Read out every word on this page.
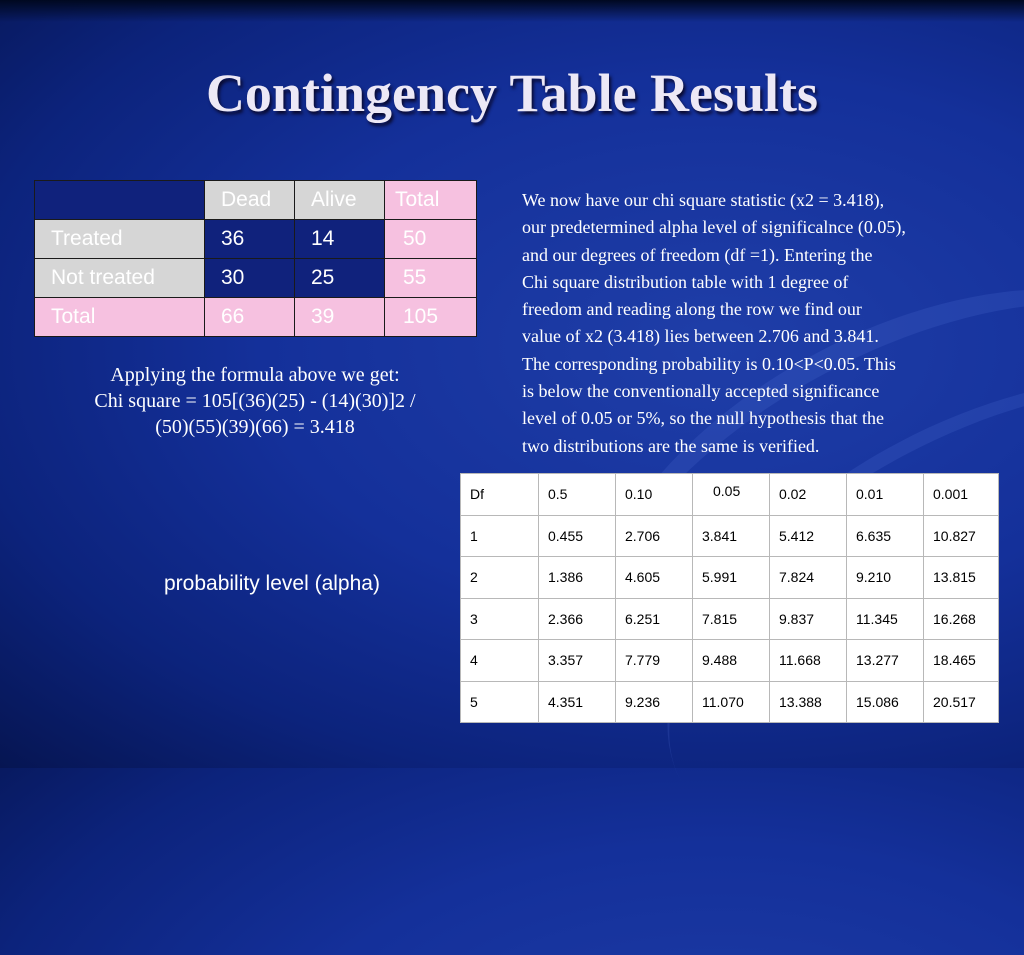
Contingency Table Results
	Dead	Alive	Total
Treated	36	14	50
Not treated	30	25	55
Total	66	39	105
Applying the formula above we get:
Chi square = 105[(36)(25) - (14)(30)]2 /
(50)(55)(39)(66) = 3.418
We now have our chi square statistic (x2 = 3.418),
our predetermined alpha level of significalnce (0.05),
and our degrees of freedom (df =1). Entering the
Chi square distribution table with 1 degree of
freedom and reading along the row we find our
value of x2 (3.418) lies between 2.706 and 3.841.
The corresponding probability is 0.10<P<0.05. This
is below the conventionally accepted significance
level of 0.05 or 5%, so the null hypothesis that the
two distributions are the same is verified.
probability level (alpha)
Df	0.5	0.10	0.05	0.02	0.01	0.001
1	0.455	2.706	3.841	5.412	6.635	10.827
2	1.386	4.605	5.991	7.824	9.210	13.815
3	2.366	6.251	7.815	9.837	11.345	16.268
4	3.357	7.779	9.488	11.668	13.277	18.465
5	4.351	9.236	11.070	13.388	15.086	20.517
